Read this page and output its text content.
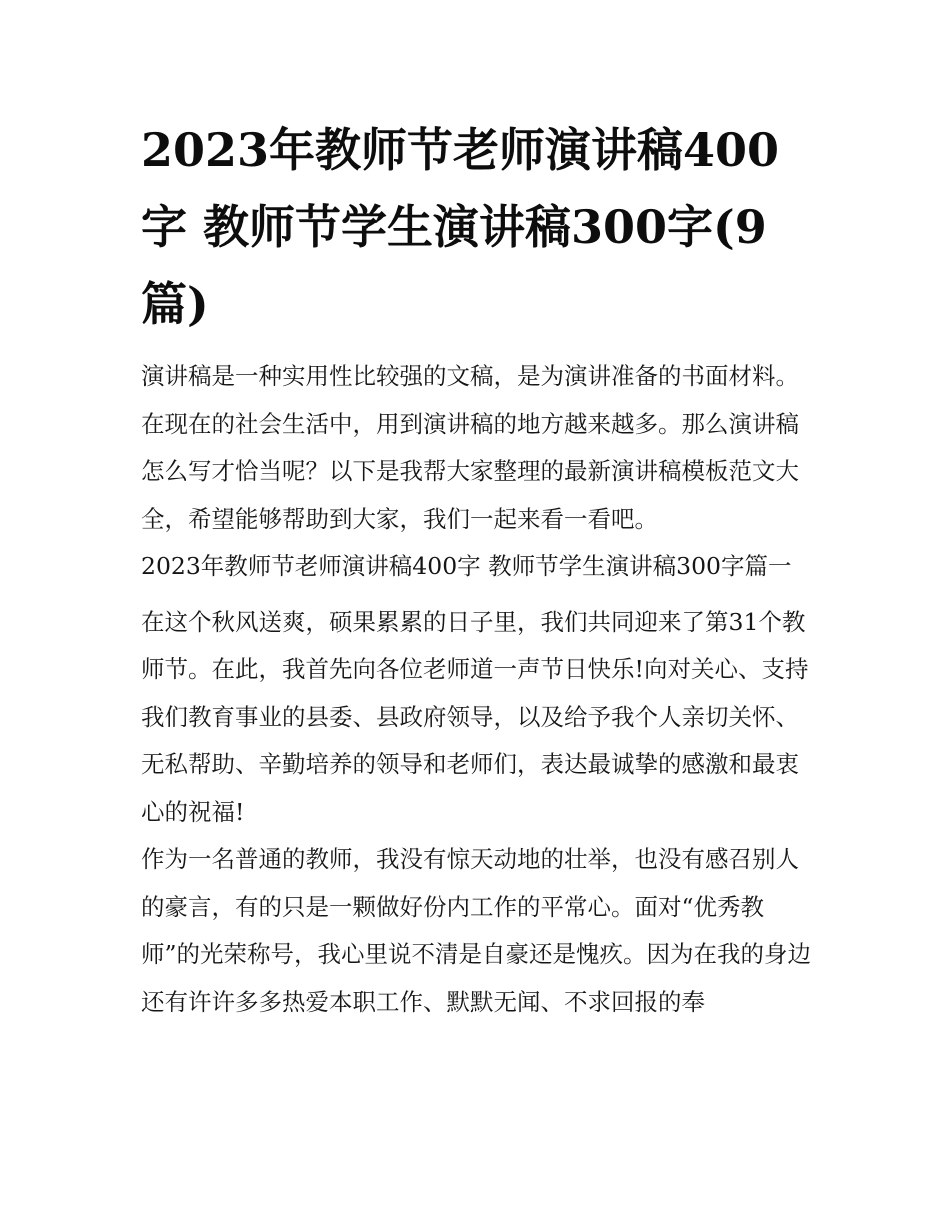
2023年教师节老师演讲稿400字 教师节学生演讲稿300字(9篇)

演讲稿是一种实用性比较强的文稿，是为演讲准备的书面材料。在现在的社会生活中，用到演讲稿的地方越来越多。那么演讲稿怎么写才恰当呢？以下是我帮大家整理的最新演讲稿模板范文大全，希望能够帮助到大家，我们一起来看一看吧。

2023年教师节老师演讲稿400字 教师节学生演讲稿300字篇一

在这个秋风送爽，硕果累累的日子里，我们共同迎来了第31个教师节。在此，我首先向各位老师道一声节日快乐!向对关心、支持我们教育事业的县委、县政府领导，以及给予我个人亲切关怀、无私帮助、辛勤培养的领导和老师们，表达最诚挚的感激和最衷心的祝福!

作为一名普通的教师，我没有惊天动地的壮举，也没有感召别人的豪言，有的只是一颗做好份内工作的平常心。面对“优秀教师”的光荣称号，我心里说不清是自豪还是愧疚。因为在我的身边还有许许多多热爱本职工作、默默无闻、不求回报的奉
